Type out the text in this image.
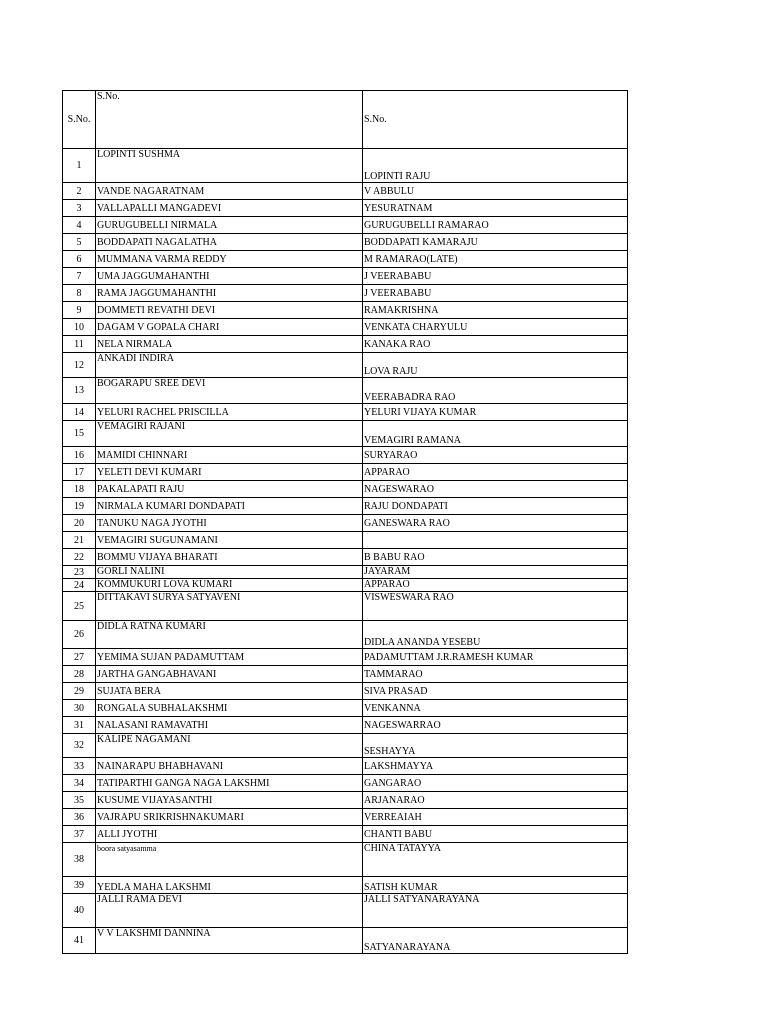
S.No.	S.No.	S.No.
1	LOPINTI SUSHMA	LOPINTI RAJU
2	VANDE NAGARATNAM	V ABBULU
3	VALLAPALLI MANGADEVI	YESURATNAM
4	GURUGUBELLI NIRMALA	GURUGUBELLI RAMARAO
5	BODDAPATI NAGALATHA	BODDAPATI KAMARAJU
6	MUMMANA VARMA REDDY	M RAMARAO(LATE)
7	UMA JAGGUMAHANTHI	J VEERABABU
8	RAMA JAGGUMAHANTHI	J VEERABABU
9	DOMMETI REVATHI DEVI	RAMAKRISHNA
10	DAGAM V GOPALA CHARI	VENKATA CHARYULU
11	NELA NIRMALA	KANAKA RAO
12	ANKADI INDIRA	LOVA RAJU
13	BOGARAPU SREE DEVI	VEERABADRA RAO
14	YELURI RACHEL PRISCILLA	YELURI VIJAYA KUMAR
15	VEMAGIRI RAJANI	VEMAGIRI RAMANA
16	MAMIDI CHINNARI	SURYARAO
17	YELETI DEVI KUMARI	APPARAO
18	PAKALAPATI RAJU	NAGESWARAO
19	NIRMALA KUMARI DONDAPATI	RAJU DONDAPATI
20	TANUKU NAGA JYOTHI	GANESWARA RAO
21	VEMAGIRI SUGUNAMANI	
22	BOMMU VIJAYA BHARATI	B BABU RAO
23	GORLI NALINI	JAYARAM
24	KOMMUKURI LOVA KUMARI	APPARAO
25	DITTAKAVI SURYA SATYAVENI	VISWESWARA RAO
26	DIDLA RATNA KUMARI	DIDLA ANANDA YESEBU
27	YEMIMA SUJAN PADAMUTTAM	PADAMUTTAM J.R.RAMESH KUMAR
28	JARTHA GANGABHAVANI	TAMMARAO
29	SUJATA BERA	SIVA PRASAD
30	RONGALA SUBHALAKSHMI	VENKANNA
31	NALASANI RAMAVATHI	NAGESWARRAO
32	KALIPE NAGAMANI	SESHAYYA
33	NAINARAPU BHABHAVANI	LAKSHMAYYA
34	TATIPARTHI GANGA NAGA LAKSHMI	GANGARAO
35	KUSUME VIJAYASANTHI	ARJANARAO
36	VAJRAPU SRIKRISHNAKUMARI	VERREAIAH
37	ALLI JYOTHI	CHANTI BABU
38	boora satyasamma	CHINA TATAYYA
39	YEDLA MAHA LAKSHMI	SATISH KUMAR
40	JALLI RAMA DEVI	JALLI SATYANARAYANA
41	V V LAKSHMI DANNINA	SATYANARAYANA
